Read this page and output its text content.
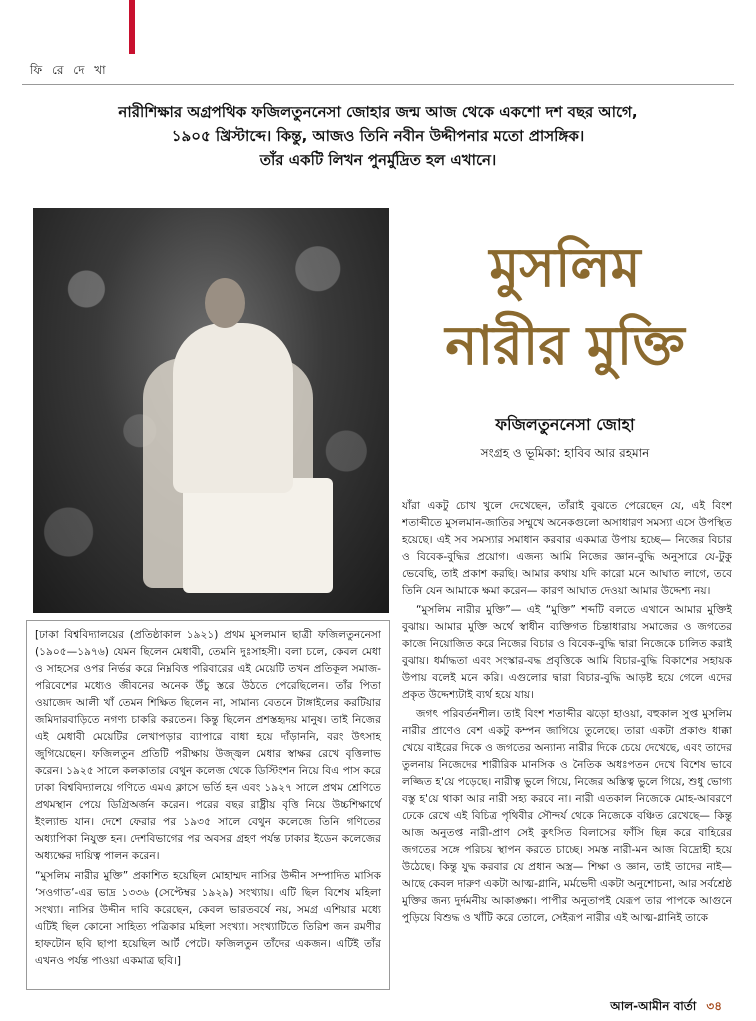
ফি রে দে খা
নারীশিক্ষার অগ্রপথিক ফজিলতুননেসা জোহার জন্ম আজ থেকে একশো দশ বছর আগে,
১৯০৫ খ্রিস্টাব্দে। কিন্তু, আজও তিনি নবীন উদ্দীপনার মতো প্রাসঙ্গিক।
তাঁর একটি লিখন পুনর্মুদ্রিত হল এখানে।

[ঢাকা বিশ্ববিদ্যালয়ের (প্রতিষ্ঠাকাল ১৯২১) প্রথম মুসলমান ছাত্রী ফজিলতুননেসা (১৯০৫—১৯৭৬) যেমন ছিলেন মেধাবী, তেমনি দুঃসাহসী। বলা চলে, কেবল মেধা ও সাহসের ওপর নির্ভর করে নিম্নবিত্ত পরিবারের এই মেয়েটি তখন প্রতিকূল সমাজ-পরিবেশের মধ্যেও জীবনের অনেক উঁচু স্তরে উঠতে পেরেছিলেন। তাঁর পিতা ওয়াজেদ আলী খাঁ তেমন শিক্ষিত ছিলেন না, সামান্য বেতনে টাঙ্গাইলের করটিয়ার জমিদারবাড়িতে নগণ্য চাকরি করতেন। কিন্তু ছিলেন প্রশস্তহৃদয় মানুষ। তাই নিজের এই মেধাবী মেয়েটির লেখাপড়ার ব্যাপারে বাধা হয়ে দাঁড়াননি, বরং উৎসাহ জুগিয়েছেন। ফজিলতুন প্রতিটি পরীক্ষায় উজ্জ্বল মেধার স্বাক্ষর রেখে বৃত্তিলাভ করেন। ১৯২৫ সালে কলকাতার বেথুন কলেজ থেকে ডিস্টিংশন নিয়ে বিএ পাস করে ঢাকা বিশ্ববিদ্যালয়ে গণিতে এমএ ক্লাসে ভর্তি হন এবং ১৯২৭ সালে প্রথম শ্রেণিতে প্রথমস্থান পেয়ে ডিগ্রিঅর্জন করেন। পরের বছর রাষ্ট্রীয় বৃত্তি নিয়ে উচ্চশিক্ষার্থে ইংল্যান্ড যান। দেশে ফেরার পর ১৯৩৫ সালে বেথুন কলেজে তিনি গণিতের অধ্যাপিকা নিযুক্ত হন। দেশবিভাগের পর অবসর গ্রহণ পর্যন্ত ঢাকার ইডেন কলেজের অধ্যক্ষের দায়িত্ব পালন করেন।

“মুসলিম নারীর মুক্তি” প্রকাশিত হয়েছিল মোহাম্মদ নাসির উদ্দীন সম্পাদিত মাসিক ‘সওগাত’-এর ভাদ্র ১৩৩৬ (সেপ্টেম্বর ১৯২৯) সংখ্যায়। এটি ছিল বিশেষ মহিলা সংখ্যা। নাসির উদ্দীন দাবি করেছেন, কেবল ভারতবর্ষে নয়, সমগ্র এশিয়ার মধ্যে এটিই ছিল কোনো সাহিত্য পত্রিকার মহিলা সংখ্যা। সংখ্যাটিতে তিরিশ জন রমণীর হাফটোন ছবি ছাপা হয়েছিল আর্ট পেটে। ফজিলতুন তাঁদের একজন। এটিই তাঁর এখনও পর্যন্ত পাওয়া একমাত্র ছবি।]

মুসলিম
নারীর মুক্তি
ফজিলতুননেসা জোহা
সংগ্রহ ও ভূমিকা: হাবিব আর রহমান

যাঁরা একটু চোখ খুলে দেখেছেন, তাঁরাই বুঝতে পেরেছেন যে, এই বিংশ শতাব্দীতে মুসলমান-জাতির সম্মুখে অনেকগুলো অসাধারণ সমস্যা এসে উপস্থিত হয়েছে। এই সব সমস্যার সমাধান করবার একমাত্র উপায় হচ্ছে— নিজের বিচার ও বিবেক-বুদ্ধির প্রয়োগ। এজন্য আমি নিজের জ্ঞান-বুদ্ধি অনুসারে যে-টুকু ভেবেছি, তাই প্রকাশ করছি। আমার কথায় যদি কারো মনে আঘাত লাগে, তবে তিনি যেন আমাকে ক্ষমা করেন— কারণ আঘাত দেওয়া আমার উদ্দেশ্য নয়।

“মুসলিম নারীর মুক্তি”— এই “মুক্তি” শব্দটি বলতে এখানে আমার মুক্তিই বুঝায়। আমার মুক্তি অর্থে স্বাধীন ব্যক্তিগত চিন্তাধারায় সমাজের ও জগতের কাজে নিয়োজিত করে নিজের বিচার ও বিবেক-বুদ্ধি দ্বারা নিজেকে চালিত করাই বুঝায়। ধর্মাদ্ধতা এবং সংস্কার-বদ্ধ প্রবৃত্তিকে আমি বিচার-বুদ্ধি বিকাশের সহায়ক উপায় বলেই মনে করি। এগুলোর দ্বারা বিচার-বুদ্ধি আড়ষ্ট হয়ে গেলে এদের প্রকৃত উদ্দেশ্যটাই ব্যর্থ হয়ে যায়।

জগৎ পরিবর্তনশীল। তাই বিংশ শতাব্দীর ঝড়ো হাওয়া, বহুকাল সুপ্ত মুসলিম নারীর প্রাণেও বেশ একটু কম্পন জাগিয়ে তুলেছে। তারা একটা প্রকাণ্ড ধাক্কা খেয়ে বাইরের দিকে ও জগতের অন্যান্য নারীর দিকে চেয়ে দেখেছে, এবং তাদের তুলনায় নিজেদের শারীরিক মানসিক ও নৈতিক অধঃপতন দেখে বিশেষ ভাবে লজ্জিত হ'য়ে পড়েছে। নারীত্ব ভুলে গিয়ে, নিজের অস্তিত্ব ভুলে গিয়ে, শুধু ভোগ্য বস্তু হ'য়ে থাকা আর নারী সহ্য করবে না। নারী এতকাল নিজেকে মোহ-আবরণে ঢেকে রেখে এই বিচিত্র পৃথিবীর সৌন্দর্য থেকে নিজেকে বঞ্চিত রেখেছে— কিন্তু আজ অনুতপ্ত নারী-প্রাণ সেই কুৎসিত বিলাসের ফাঁসি ছিন্ন করে বাহিরের জগতের সঙ্গে পরিচয় স্থাপন করতে চাচ্ছে। সমস্ত নারী-মন আজ বিদ্রোহী হয়ে উঠেছে। কিন্তু যুদ্ধ করবার যে প্রধান অস্ত্র— শিক্ষা ও জ্ঞান, তাই তাদের নাই— আছে কেবল দারুণ একটা আত্ম-গ্লানি, মর্মভেদী একটা অনুশোচনা, আর সর্বশ্রেষ্ঠ মুক্তির জন্য দুর্দমনীয় আকাঙ্ক্ষা। পাপীর অনুতাপই যেরূপ তার পাপকে আগুনে পুড়িয়ে বিশুদ্ধ ও খাঁটি করে তোলে, সেইরূপ নারীর এই আত্ম-গ্লানিই তাকে

আল-আমীন বার্তা ৩৪
